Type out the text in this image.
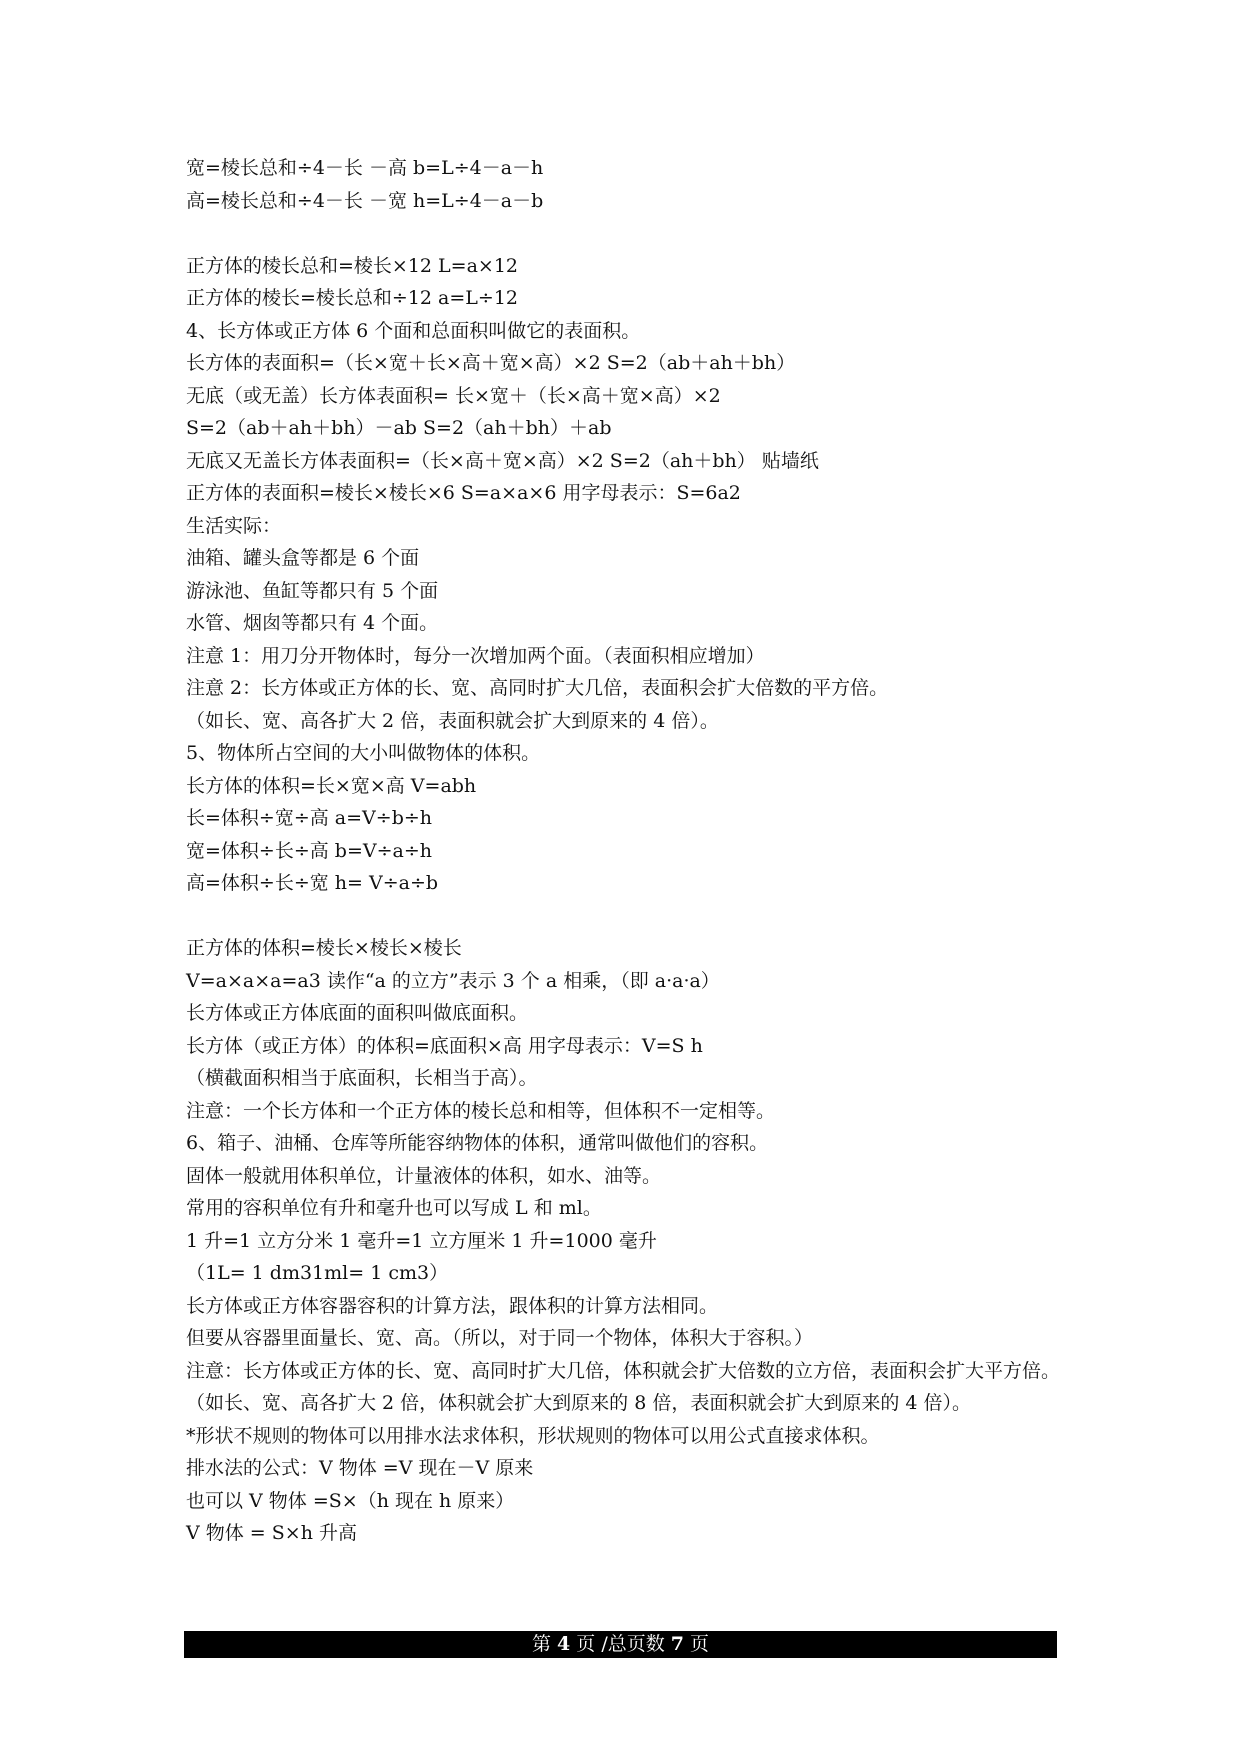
宽=棱长总和÷4－长 －高 b=L÷4－a－h
高=棱长总和÷4－长 －宽 h=L÷4－a－b
正方体的棱长总和=棱长×12 L=a×12
正方体的棱长=棱长总和÷12 a=L÷12
4、长方体或正方体 6 个面和总面积叫做它的表面积。
长方体的表面积=（长×宽＋长×高＋宽×高）×2 S=2（ab＋ah＋bh）
无底（或无盖）长方体表面积= 长×宽＋（长×高＋宽×高）×2
S=2（ab＋ah＋bh）－ab S=2（ah＋bh）＋ab
无底又无盖长方体表面积=（长×高＋宽×高）×2 S=2（ah＋bh） 贴墙纸
正方体的表面积=棱长×棱长×6 S=a×a×6 用字母表示：S=6a2
生活实际：
油箱、罐头盒等都是 6 个面
游泳池、鱼缸等都只有 5 个面
水管、烟囱等都只有 4 个面。
注意 1：用刀分开物体时，每分一次增加两个面。（表面积相应增加）
注意 2：长方体或正方体的长、宽、高同时扩大几倍，表面积会扩大倍数的平方倍。
（如长、宽、高各扩大 2 倍，表面积就会扩大到原来的 4 倍）。
5、物体所占空间的大小叫做物体的体积。
长方体的体积=长×宽×高 V=abh
长=体积÷宽÷高 a=V÷b÷h
宽=体积÷长÷高 b=V÷a÷h
高=体积÷长÷宽 h= V÷a÷b
正方体的体积=棱长×棱长×棱长
V=a×a×a=a3 读作“a 的立方”表示 3 个 a 相乘，（即 a·a·a）
长方体或正方体底面的面积叫做底面积。
长方体（或正方体）的体积=底面积×高 用字母表示：V=S h
（横截面积相当于底面积，长相当于高）。
注意：一个长方体和一个正方体的棱长总和相等，但体积不一定相等。
6、箱子、油桶、仓库等所能容纳物体的体积，通常叫做他们的容积。
固体一般就用体积单位，计量液体的体积，如水、油等。
常用的容积单位有升和毫升也可以写成 L 和 ml。
1 升=1 立方分米 1 毫升=1 立方厘米 1 升=1000 毫升
（1L= 1 dm31ml= 1 cm3）
长方体或正方体容器容积的计算方法，跟体积的计算方法相同。
但要从容器里面量长、宽、高。（所以，对于同一个物体，体积大于容积。）
注意：长方体或正方体的长、宽、高同时扩大几倍，体积就会扩大倍数的立方倍，表面积会扩大平方倍。
（如长、宽、高各扩大 2 倍，体积就会扩大到原来的 8 倍，表面积就会扩大到原来的 4 倍）。
*形状不规则的物体可以用排水法求体积，形状规则的物体可以用公式直接求体积。
排水法的公式：V 物体 =V 现在－V 原来
也可以 V 物体 =S×（h 现在 h 原来）
V 物体 = S×h 升高
第 4 页 /总页数 7 页
